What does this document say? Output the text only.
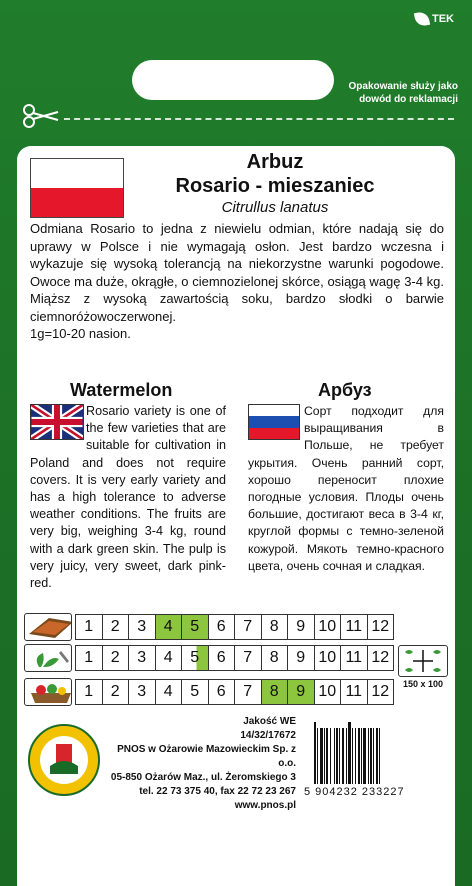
TEK
Opakowanie służy jako dowód do reklamacji
Arbuz
Rosario - mieszaniec
Citrullus lanatus
Odmiana Rosario to jedna z niewielu odmian, które nadają się do uprawy w Polsce i nie wymagają osłon. Jest bardzo wczesna i wykazuje się wysoką tolerancją na niekorzystne warunki pogodowe. Owoce ma duże, okrągłe, o ciemnozielonej skórce, osiągą wagę 3-4 kg. Miąższ z wysoką zawartością soku, bardzo słodki o barwie ciemnoróżowoczerwonej.
1g=10-20 nasion.
Watermelon	Арбуз
Rosario variety is one of the few varieties that are suitable for cultivation in Poland and does not require covers. It is very early variety and has a high tolerance to adverse weather conditions. The fruits are very big, weighing 3-4 kg, round with a dark green skin. The pulp is very juicy, very sweet, dark pink-red.
Сорт подходит для выращивания в Польше, не требует укрытия. Очень ранний сорт, хорошо переносит плохие погодные условия. Плоды очень большие, достигают веса в 3-4 кг, круглой формы с темно-зеленой кожурой. Мякоть темно-красного цвета, очень сочная и сладкая.
1	2	3	4	5	6	7	8	9 10 11 12
1	2	3	4	5	6	7	8	9 10 11 12
1	2	3	4	5	6	7	8	9 10 11 12	150 x 100
Jakość WE
14/32/17672
PNOS w Ożarowie Mazowieckim Sp. z o.o.
05-850 Ożarów Maz., ul. Żeromskiego 3
tel. 22 73 375 40, fax 22 72 23 267
www.pnos.pl
5 904232 233227
